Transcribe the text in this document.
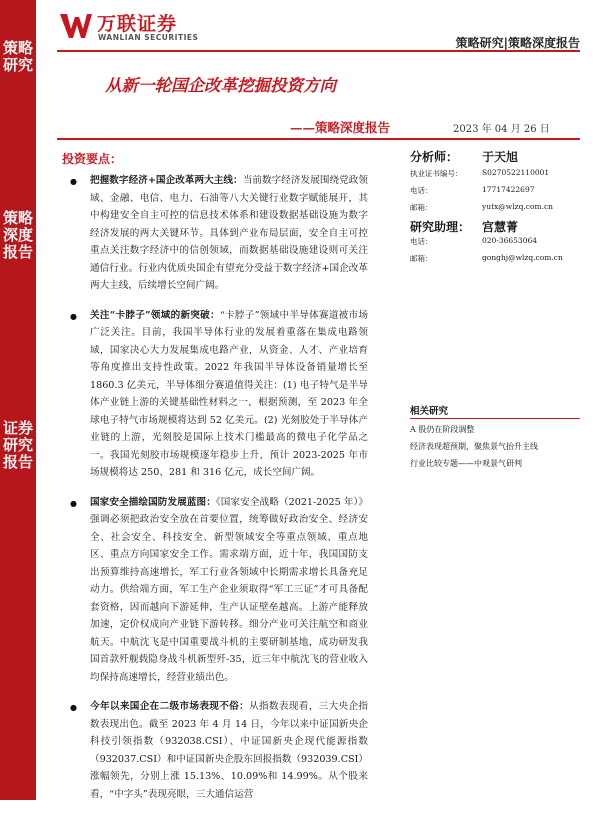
策略研究
策略深度报告
证券研究报告
万联证券
WANLIAN SECURITIES	策略研究|策略深度报告
从新一轮国企改革挖掘投资方向
——策略深度报告	2023 年 04 月 26 日
投资要点：
● 把握数字经济+国企改革两大主线：当前数字经济发展围绕党政领域、金融、电信、电力、石油等八大关键行业数字赋能展开，其中构建安全自主可控的信息技术体系和建设数据基础设施为数字经济发展的两大关键环节。具体到产业布局层面，安全自主可控重点关注数字经济中的信创领域，而数据基础设施建设则可关注通信行业。行业内优质央国企有望充分受益于数字经济+国企改革两大主线，后续增长空间广阔。
● 关注“卡脖子”领域的新突破：“卡脖子”领域中半导体赛道被市场广泛关注。目前，我国半导体行业的发展着重落在集成电路领域，国家决心大力发展集成电路产业，从资金、人才、产业培育等角度推出支持性政策。2022 年我国半导体设备销量增长至 1860.3 亿美元，半导体细分赛道值得关注：(1) 电子特气是半导体产业链上游的关键基础性材料之一，根据预测，至 2023 年全球电子特气市场规模将达到 52 亿美元。(2) 光刻胶处于半导体产业链的上游，光刻胶是国际上技术门槛最高的微电子化学品之一。我国光刻胶市场规模逐年稳步上升，预计 2023-2025 年市场规模将达 250、281 和 316 亿元，成长空间广阔。
● 国家安全描绘国防发展蓝图：《国家安全战略（2021-2025 年）》强调必须把政治安全放在首要位置，统筹做好政治安全、经济安全、社会安全、科技安全、新型领域安全等重点领域、重点地区、重点方向国家安全工作。需求端方面，近十年，我国国防支出预算维持高速增长，军工行业各领域中长期需求增长具备充足动力。供给端方面，军工生产企业须取得“军工三证”才可具备配套资格，因而越向下游延伸，生产认证壁垒越高。上游产能释放加速，定价权成向产业链下游转移。细分产业可关注航空和商业航天。中航沈飞是中国重要战斗机的主要研制基地，成功研发我国首款歼舰载隐身战斗机新型歼-35，近三年中航沈飞的营业收入均保持高速增长，经营业绩出色。
● 今年以来国企在二级市场表现不俗：从指数表现看，三大央企指数表现出色。截至 2023 年 4 月 14 日，今年以来中证国新央企科技引领指数（932038.CSI）、中证国新央企现代能源指数（932037.CSI）和中证国新央企股东回报指数（932039.CSI）涨幅领先，分别上涨 15.13%、10.09%和 14.99%。从个股来看，“中字头”表现亮眼，三大通信运营
分析师： 于天旭
执业证书编号：	S0270522110001
电话：	17717422697
邮箱：	yutx@wlzq.com.cn
研究助理： 宫慧菁
电话：	020-36653064
邮箱：	gonghj@wlzq.com.cn
相关研究
A 股仍在阶段调整
经济表现超预期，聚焦景气抬升主线
行业比较专题——中观景气研判
